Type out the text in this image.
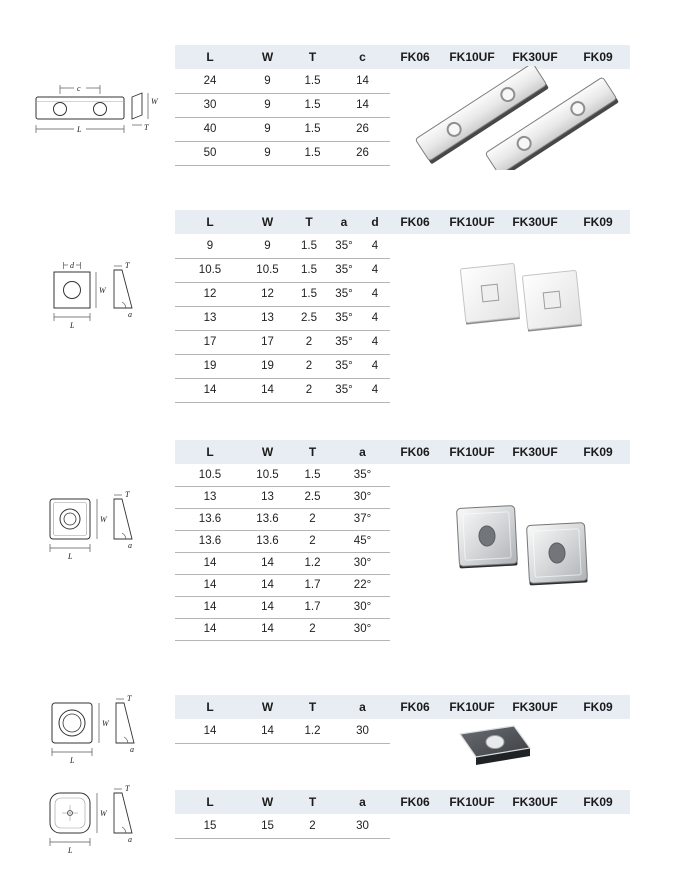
c
W
L	T
L	W	T	c	FK06	FK10UF	FK30UF	FK09
24	9	1.5	14				
30	9	1.5	14				
40	9	1.5	26				
50	9	1.5	26				
d
W
L
a
T
L	W	T	a	d	FK06	FK10UF	FK30UF	FK09
9	9	1.5	35°	4				
10.5	10.5	1.5	35°	4				
12	12	1.5	35°	4				
13	13	2.5	35°	4				
17	17	2	35°	4				
19	19	2	35°	4				
14	14	2	35°	4				
W
L
a
T
L	W	T	a	FK06	FK10UF	FK30UF	FK09
10.5	10.5	1.5	35°				
13	13	2.5	30°				
13.6	13.6	2	37°				
13.6	13.6	2	45°				
14	14	1.2	30°				
14	14	1.7	22°				
14	14	1.7	30°				
14	14	2	30°				
W
L
a
T
L	W	T	a	FK06	FK10UF	FK30UF	FK09
14	14	1.2	30				
W
L
a
T
L	W	T	a	FK06	FK10UF	FK30UF	FK09
15	15	2	30				
